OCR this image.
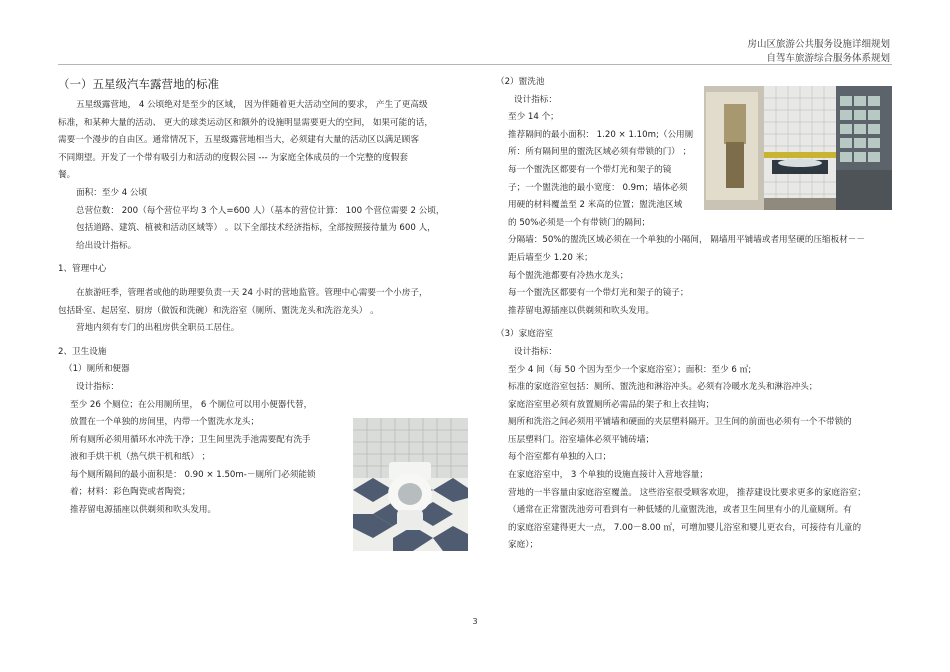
房山区旅游公共服务设施详细规划
自驾车旅游综合服务体系规划

（一）五星级汽车露营地的标准

五星级露营地， 4 公顷绝对是至少的区域， 因为伴随着更大活动空间的要求， 产生了更高级

标准，和某种大量的活动、 更大的球类运动区和额外的设施明显需要更大的空间， 如果可能的话，

需要一个漫步的自由区。通常情况下，五星级露营地相当大，必须建有大量的活动区以满足顾客

不同期望。开发了一个带有吸引力和活动的度假公园 --- 为家庭全体成员的一个完整的度假套

餐。

面积：至少 4 公顷

总营位数： 200（每个营位平均 3 个人=600 人）（基本的营位计算： 100 个营位需要 2 公顷，

包括道路、建筑、植被和活动区域等） 。以下全部技术经济指标，全部按照接待量为 600 人，

给出设计指标。

1、管理中心

在旅游旺季，管理者或他的助理要负责一天 24 小时的营地监管。管理中心需要一个小房子，

包括卧室、起居室、厨房（做饭和洗碗）和洗浴室（厕所、盥洗龙头和洗浴龙头） 。

营地内须有专门的出租房供全职员工居住。

2、卫生设施

（1）厕所和便器

设计指标：

至少 26 个厕位；在公用厕所里， 6 个厕位可以用小便器代替，

放置在一个单独的房间里，内带一个盥洗水龙头；

所有厕所必须用循环水冲洗干净；卫生间里洗手池需要配有洗手

液和手烘干机（热气烘干机和纸） ；

每个厕所隔间的最小面积是： 0.90 × 1.50m-－厕所门必须能锁

着；材料：彩色陶瓷或者陶瓷；

推荐留电源插座以供剃须和吹头发用。

（2）盥洗池

设计指标：

至少 14 个；

推荐隔间的最小面积： 1.20 × 1.10m;（公用厕

所：所有隔间里的盥洗区域必须有带锁的门） ；

每一个盥洗区都要有一个带灯光和架子的镜

子；一个盥洗池的最小宽度： 0.9m；墙体必须

用硬的材料覆盖至 2 米高的位置；盥洗池区域

的 50%必须是一个有带锁门的隔间；

分隔墙：50%的盥洗区域必须在一个单独的小隔间， 隔墙用平铺墙或者用坚硬的压缩板材－－

距后墙至少 1.20 米；

每个盥洗池都要有冷热水龙头；

每一个盥洗区都要有一个带灯光和架子的镜子；

推荐留电源插座以供剃须和吹头发用。

（3）家庭浴室

设计指标：

至少 4 间（每 50 个因为至少一个家庭浴室）；面积：至少 6 ㎡;

标准的家庭浴室包括：厕所、盥洗池和淋浴冲头。必须有冷暖水龙头和淋浴冲头；

家庭浴室里必须有放置厕所必需品的架子和上衣挂钩；

厕所和洗浴之间必须用平铺墙和硬面的夹层塑料隔开。卫生间的前面也必须有一个不带锁的

压层塑料门。浴室墙体必须平铺砖墙；

每个浴室都有单独的入口；

在家庭浴室中， 3 个单独的设施直接计入营地容量；

营地的一半容量由家庭浴室覆盖。 这些浴室很受顾客欢迎， 推荐建设比要求更多的家庭浴室；

（通常在正常盥洗池旁可看到有一种低矮的儿童盥洗池，或者卫生间里有小的儿童厕所。有

的家庭浴室建得更大一点， 7.00－8.00 ㎡，可增加婴儿浴室和婴儿更衣台，可接待有儿童的

家庭）；

3
